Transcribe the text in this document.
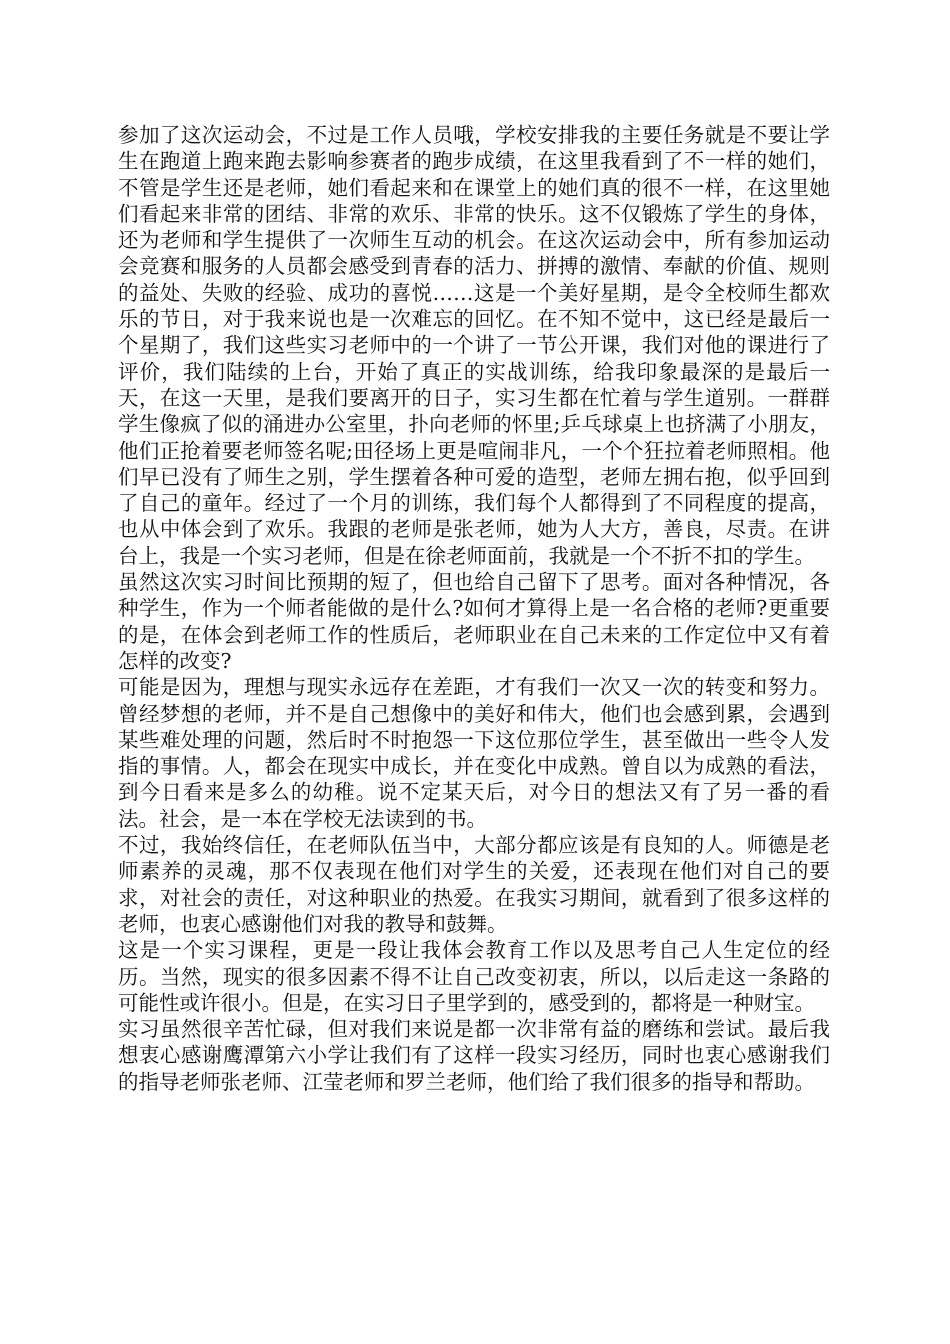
参加了这次运动会，不过是工作人员哦，学校安排我的主要任务就是不要让学生在跑道上跑来跑去影响参赛者的跑步成绩，在这里我看到了不一样的她们，不管是学生还是老师，她们看起来和在课堂上的她们真的很不一样，在这里她们看起来非常的团结、非常的欢乐、非常的快乐。这不仅锻炼了学生的身体，还为老师和学生提供了一次师生互动的机会。在这次运动会中，所有参加运动会竞赛和服务的人员都会感受到青春的活力、拼搏的激情、奉献的价值、规则的益处、失败的经验、成功的喜悦……这是一个美好星期，是令全校师生都欢乐的节日，对于我来说也是一次难忘的回忆。在不知不觉中，这已经是最后一个星期了，我们这些实习老师中的一个讲了一节公开课，我们对他的课进行了评价，我们陆续的上台，开始了真正的实战训练，给我印象最深的是最后一天，在这一天里，是我们要离开的日子，实习生都在忙着与学生道别。一群群学生像疯了似的涌进办公室里，扑向老师的怀里;乒乓球桌上也挤满了小朋友，他们正抢着要老师签名呢;田径场上更是喧闹非凡，一个个狂拉着老师照相。他们早已没有了师生之别，学生摆着各种可爱的造型，老师左拥右抱，似乎回到了自己的童年。经过了一个月的训练，我们每个人都得到了不同程度的提高，也从中体会到了欢乐。我跟的老师是张老师，她为人大方，善良，尽责。在讲台上，我是一个实习老师，但是在徐老师面前，我就是一个不折不扣的学生。

虽然这次实习时间比预期的短了，但也给自己留下了思考。面对各种情况，各种学生，作为一个师者能做的是什么?如何才算得上是一名合格的老师?更重要的是，在体会到老师工作的性质后，老师职业在自己未来的工作定位中又有着怎样的改变?

可能是因为，理想与现实永远存在差距，才有我们一次又一次的转变和努力。曾经梦想的老师，并不是自己想像中的美好和伟大，他们也会感到累，会遇到某些难处理的问题，然后时不时抱怨一下这位那位学生，甚至做出一些令人发指的事情。人，都会在现实中成长，并在变化中成熟。曾自以为成熟的看法，到今日看来是多么的幼稚。说不定某天后，对今日的想法又有了另一番的看法。社会，是一本在学校无法读到的书。

不过，我始终信任，在老师队伍当中，大部分都应该是有良知的人。师德是老师素养的灵魂，那不仅表现在他们对学生的关爱，还表现在他们对自己的要求，对社会的责任，对这种职业的热爱。在我实习期间，就看到了很多这样的老师，也衷心感谢他们对我的教导和鼓舞。

这是一个实习课程，更是一段让我体会教育工作以及思考自己人生定位的经历。当然，现实的很多因素不得不让自己改变初衷，所以，以后走这一条路的可能性或许很小。但是，在实习日子里学到的，感受到的，都将是一种财宝。

实习虽然很辛苦忙碌，但对我们来说是都一次非常有益的磨练和尝试。最后我想衷心感谢鹰潭第六小学让我们有了这样一段实习经历，同时也衷心感谢我们的指导老师张老师、江莹老师和罗兰老师，他们给了我们很多的指导和帮助。
